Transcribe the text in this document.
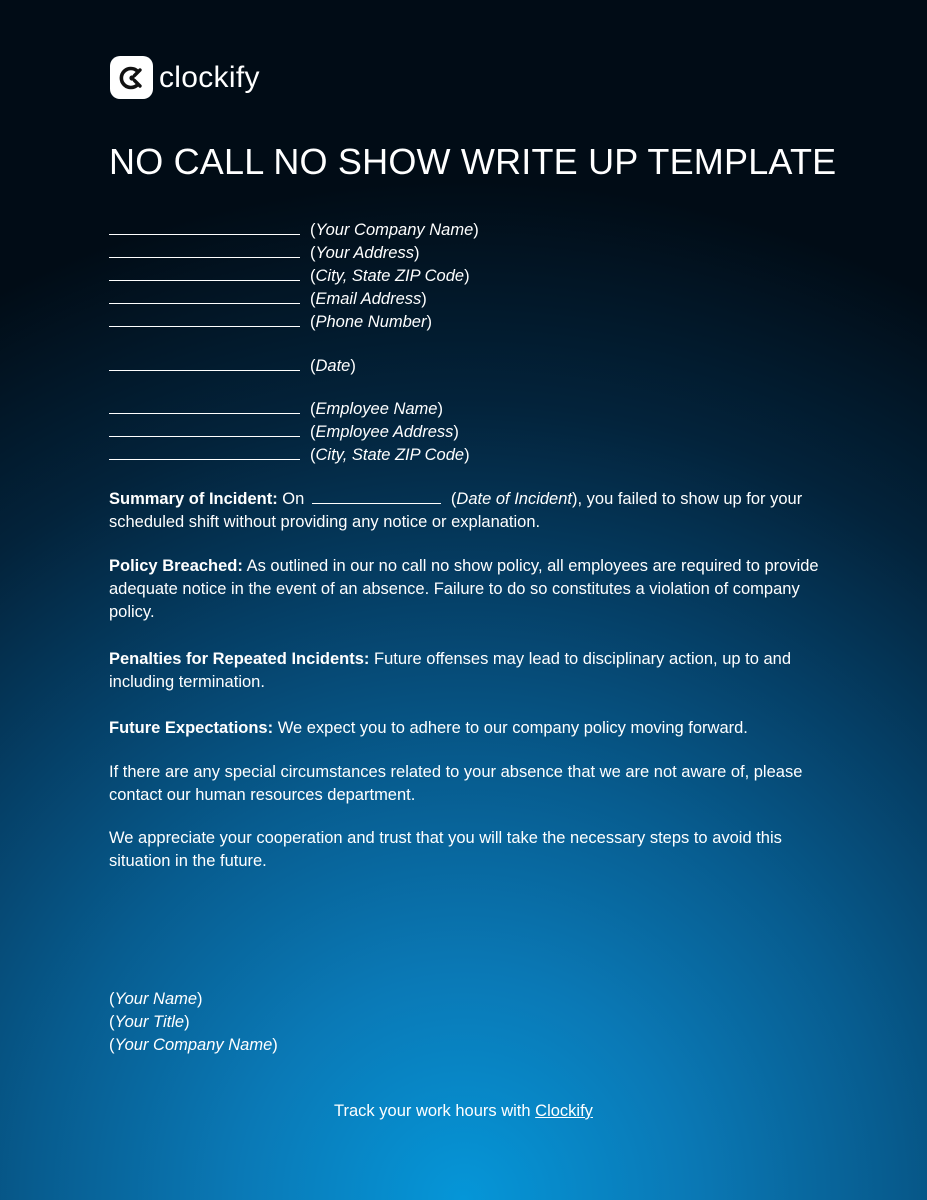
clockify
NO CALL NO SHOW WRITE UP TEMPLATE
(Your Company Name)
(Your Address)
(City, State ZIP Code)
(Email Address)
(Phone Number)
(Date)
(Employee Name)
(Employee Address)
(City, State ZIP Code)

Summary of Incident: On	(Date of Incident), you failed to show up for your scheduled shift without providing any notice or explanation.

Policy Breached: As outlined in our no call no show policy, all employees are required to provide adequate notice in the event of an absence. Failure to do so constitutes a violation of company policy.

Penalties for Repeated Incidents: Future offenses may lead to disciplinary action, up to and including termination.

Future Expectations: We expect you to adhere to our company policy moving forward.

If there are any special circumstances related to your absence that we are not aware of, please contact our human resources department.

We appreciate your cooperation and trust that you will take the necessary steps to avoid this situation in the future.

(Your Name)
(Your Title)
(Your Company Name)
Track your work hours with Clockify
